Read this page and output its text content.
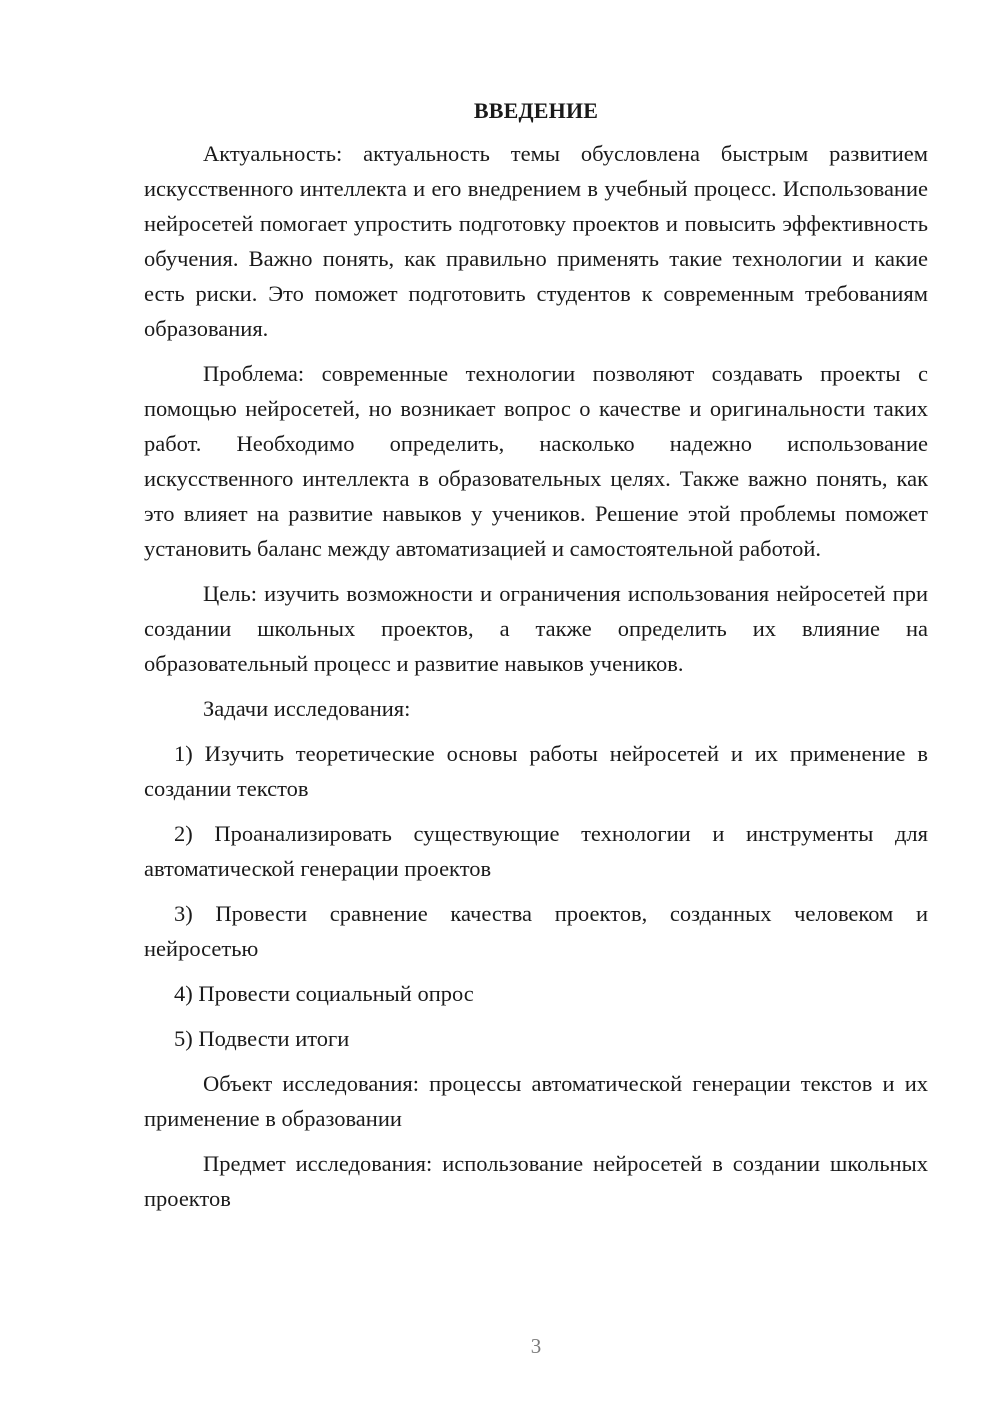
ВВЕДЕНИЕ

Актуальность: актуальность темы обусловлена быстрым развитием искусственного интеллекта и его внедрением в учебный процесс. Использование нейросетей помогает упростить подготовку проектов и повысить эффективность обучения. Важно понять, как правильно применять такие технологии и какие есть риски. Это поможет подготовить студентов к современным требованиям образования.

Проблема: современные технологии позволяют создавать проекты с помощью нейросетей, но возникает вопрос о качестве и оригинальности таких работ. Необходимо определить, насколько надежно использование искусственного интеллекта в образовательных целях. Также важно понять, как это влияет на развитие навыков у учеников. Решение этой проблемы поможет установить баланс между автоматизацией и самостоятельной работой.

Цель: изучить возможности и ограничения использования нейросетей при создании школьных проектов, а также определить их влияние на образовательный процесс и развитие навыков учеников.

Задачи исследования:

1) Изучить теоретические основы работы нейросетей и их применение в создании текстов

2) Проанализировать существующие технологии и инструменты для автоматической генерации проектов

3) Провести сравнение качества проектов, созданных человеком и нейросетью

4) Провести социальный опрос

5) Подвести итоги

Объект исследования: процессы автоматической генерации текстов и их применение в образовании

Предмет исследования: использование нейросетей в создании школьных проектов

3
